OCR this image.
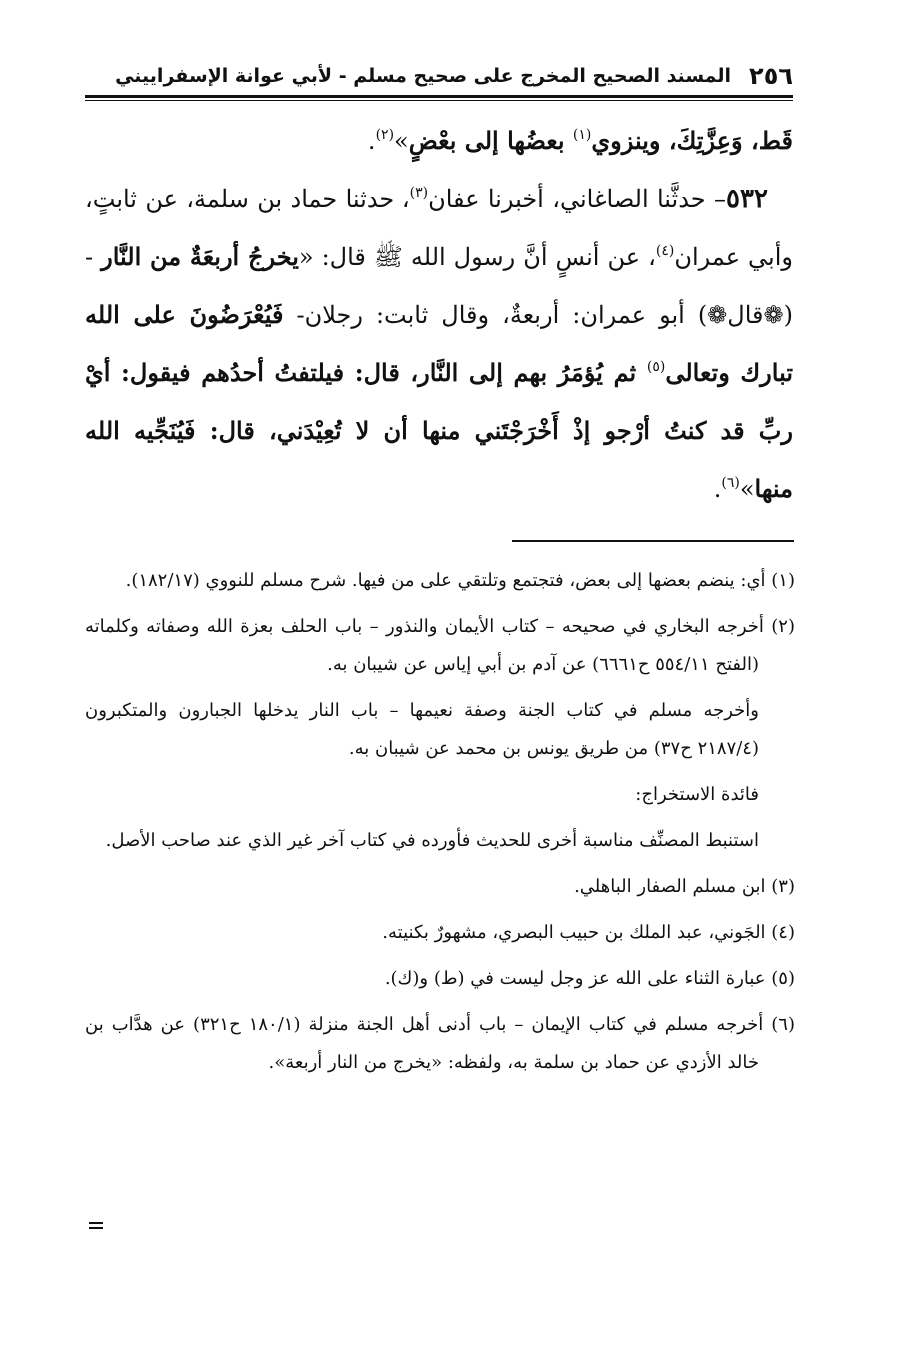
٢٥٦
المسند الصحيح المخرج على صحيح مسلم - لأبي عوانة الإسفراييني

قَط، وَعِزَّتِكَ، وينزوي$^{(١)}$ بعضُها إلى بعْضٍ»$^{(٢)}$.

٥٣٢– حدثَّنا الصاغاني، أخبرنا عفان$^{(٣)}$، حدثنا حماد بن سلمة، عن ثابتٍ، وأبي عمران$^{(٤)}$، عن أنسٍ أنَّ رسول الله ﷺ قال: «يخرجُ أربعَةٌ من النَّار -(❁قال❁) أبو عمران: أربعةٌ، وقال ثابت: رجلان- فَيُعْرَضُونَ على الله تبارك وتعالى$^{(٥)}$ ثم يُؤمَرُ بهم إلى النَّار، قال: فيلتفتُ أحدُهم فيقول: أيْ ربِّ قد كنتُ أرْجو إذْ أَخْرَجْتَني منها أن لا تُعِيْدَني، قال: فَيُنَجِّيه الله منها»$^{(٦)}$.

(١) أي: ينضم بعضها إلى بعض، فتجتمع وتلتقي على من فيها. شرح مسلم للنووي (١٨٢/١٧).

(٢) أخرجه البخاري في صحيحه – كتاب الأيمان والنذور – باب الحلف بعزة الله وصفاته وكلماته (الفتح ٥٥٤/١١ ح٦٦٦١) عن آدم بن أبي إياس عن شيبان به.

وأخرجه مسلم في كتاب الجنة وصفة نعيمها – باب النار يدخلها الجبارون والمتكبرون (٢١٨٧/٤ ح٣٧) من طريق يونس بن محمد عن شيبان به.

فائدة الاستخراج:

استنبط المصنِّف مناسبة أخرى للحديث فأورده في كتاب آخر غير الذي عند صاحب الأصل.

(٣) ابن مسلم الصفار الباهلي.

(٤) الجَوني، عبد الملك بن حبيب البصري، مشهورٌ بكنيته.

(٥) عبارة الثناء على الله عز وجل ليست في (ط) و(ك).

(٦) أخرجه مسلم في كتاب الإيمان – باب أدنى أهل الجنة منزلة (١٨٠/١ ح٣٢١) عن هدَّاب بن خالد الأزدي عن حماد بن سلمة به، ولفظه: «يخرج من النار أربعة».
